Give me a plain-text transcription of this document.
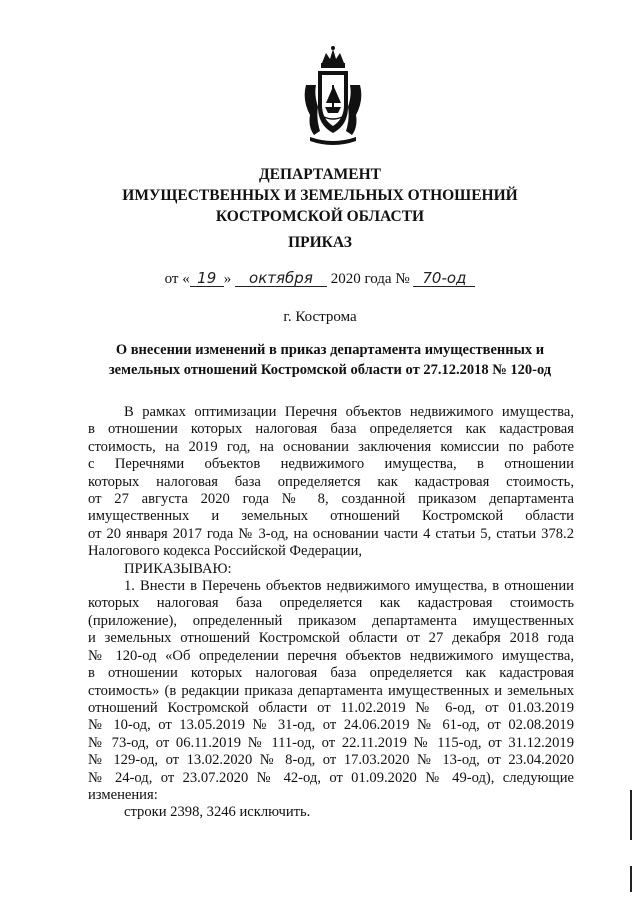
ДЕПАРТАМЕНТ
ИМУЩЕСТВЕННЫХ И ЗЕМЕЛЬНЫХ ОТНОШЕНИЙ
КОСТРОМСКОЙ ОБЛАСТИ
ПРИКАЗ
от « 19 » октября 2020 года № 70-од
г. Кострома
О внесении изменений в приказ департамента имущественных и
земельных отношений Костромской области от 27.12.2018 № 120-од

В рамках оптимизации Перечня объектов недвижимого имущества,

в отношении которых налоговая база определяется как кадастровая

стоимость, на 2019 год, на основании заключения комиссии по работе

с Перечнями объектов недвижимого имущества, в отношении

которых налоговая база определяется как кадастровая стоимость,

от 27 августа 2020 года № 8, созданной приказом департамента

имущественных и земельных отношений Костромской области

от 20 января 2017 года № 3-од, на основании части 4 статьи 5, статьи 378.2

Налогового кодекса Российской Федерации,

ПРИКАЗЫВАЮ:

1. Внести в Перечень объектов недвижимого имущества, в отношении

которых налоговая база определяется как кадастровая стоимость

(приложение), определенный приказом департамента имущественных

и земельных отношений Костромской области от 27 декабря 2018 года

№ 120-од «Об определении перечня объектов недвижимого имущества,

в отношении которых налоговая база определяется как кадастровая

стоимость» (в редакции приказа департамента имущественных и земельных

отношений Костромской области от 11.02.2019 № 6-од, от 01.03.2019

№ 10-од, от 13.05.2019 № 31-од, от 24.06.2019 № 61-од, от 02.08.2019

№ 73-од, от 06.11.2019 № 111-од, от 22.11.2019 № 115-од, от 31.12.2019

№ 129-од, от 13.02.2020 № 8-од, от 17.03.2020 № 13-од, от 23.04.2020

№ 24-од, от 23.07.2020 № 42-од, от 01.09.2020 № 49-од), следующие

изменения:

строки 2398, 3246 исключить.
